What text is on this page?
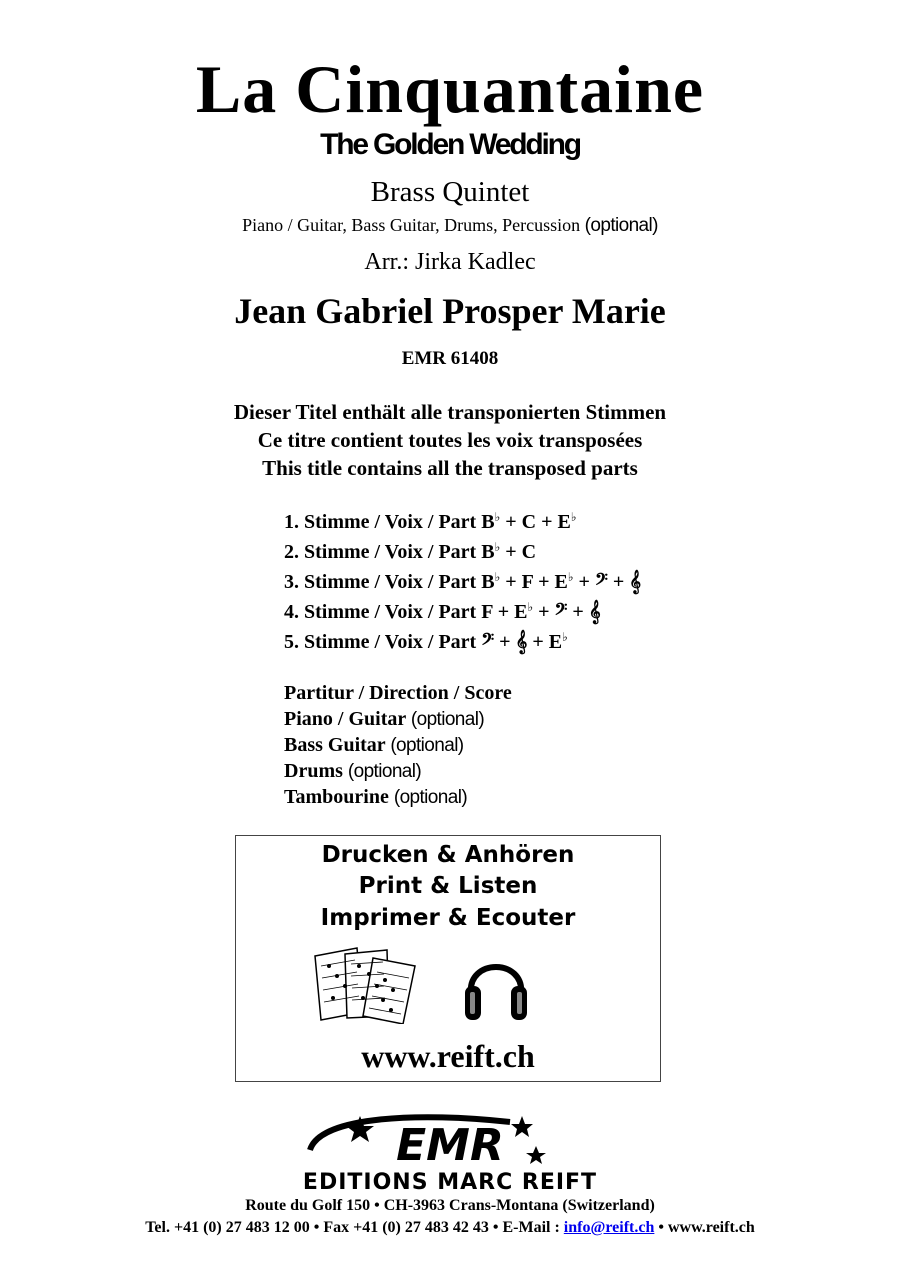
La Cinquantaine
The Golden Wedding
Brass Quintet
Piano / Guitar, Bass Guitar, Drums, Percussion (optional)
Arr.: Jirka Kadlec
Jean Gabriel Prosper Marie
EMR 61408
Dieser Titel enthält alle transponierten Stimmen
Ce titre contient toutes les voix transposées
This title contains all the transposed parts
1. Stimme / Voix / Part B♭ + C + E♭
2. Stimme / Voix / Part B♭ + C
3. Stimme / Voix / Part B♭ + F + E♭ + 𝄢 + 𝄞
4. Stimme / Voix / Part F + E♭ + 𝄢 + 𝄞
5. Stimme / Voix / Part 𝄢 + 𝄞 + E♭
Partitur / Direction / Score
Piano / Guitar (optional)
Bass Guitar (optional)
Drums (optional)
Tambourine (optional)
Drucken & Anhören
Print & Listen
Imprimer & Ecouter
www.reift.ch
EMR
EDITIONS MARC REIFT
Route du Golf 150 • CH-3963 Crans-Montana (Switzerland)
Tel. +41 (0) 27 483 12 00 • Fax +41 (0) 27 483 42 43 • E-Mail : info@reift.ch • www.reift.ch
